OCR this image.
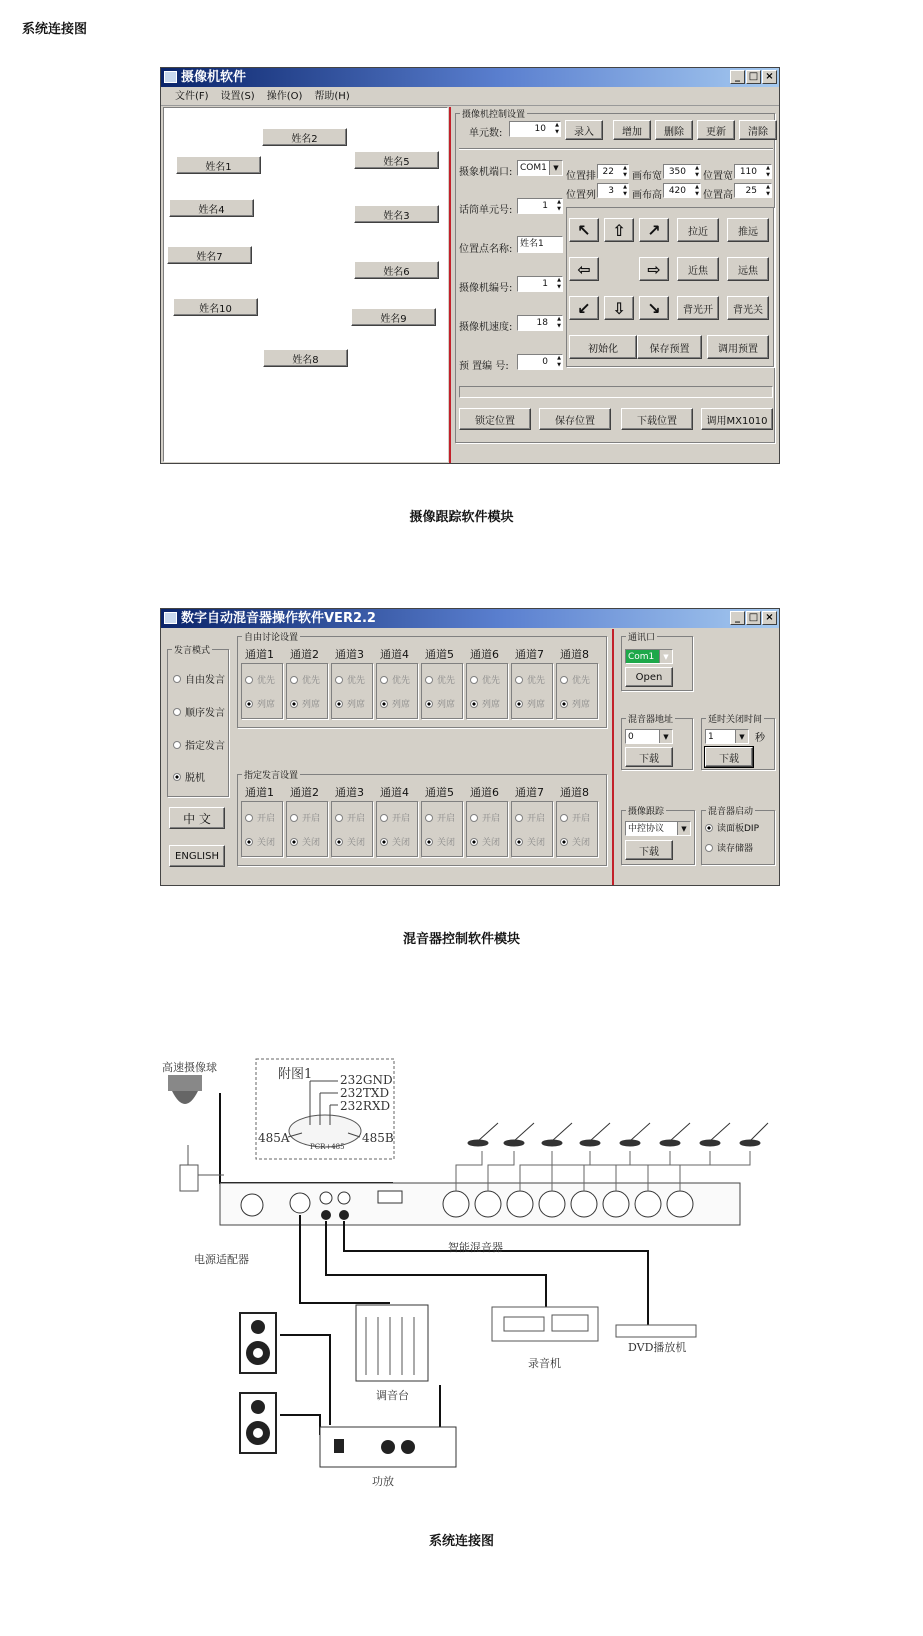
系统连接图
摄像机软件	_ □ ×
文件(F) 设置(S) 操作(O) 帮助(H)
姓名2
姓名1	姓名5
姓名4
姓名3
姓名7
姓名6
姓名10
姓名9
姓名8
摄像机控制设置
单元数:	10 ▲ ▼	录入	增加	删除	更新	清除
摄象机端口: COM1 ▼
话筒单元号:	1 ▲ ▼
位置点名称: 姓名1
摄像机编号:	1 ▲ ▼
摄像机速度:	18 ▲ ▼
预 置编 号:	0 ▲ ▼
位置排 22 ▲ ▼	画布宽 350 ▲ ▼	位置宽 110 ▲ ▼
位置列	3 ▲ ▼	画布高 420 ▲ ▼	位置高	25 ▲ ▼
↖	⇧	↗	拉近	推远
⇦	⇨	近焦	远焦
↙	⇩	↘	背光开	背光关
初始化	保存预置	调用预置
锁定位置	保存位置	下载位置	调用MX1010
摄像跟踪软件模块
数字自动混音器操作软件VER2.2	_ □ ×
发言模式
自由发言
顺序发言
指定发言
脱机
中 文
ENGLISH
自由讨论设置
指定发言设置
通讯口
Com1 ▼
Open
混音器地址
0 ▼
下载
延时关闭时间
1 ▼	秒
下载
摄像跟踪
中控协议 ▼
下载
混音器启动
读面板DIP
读存储器
通道1
优先
列席
通道2
优先
列席
通道3
优先
列席
通道4
优先
列席
通道5
优先
列席
通道6
优先
列席
通道7
优先
列席
通道8
优先
列席
通道1
开启
关闭
通道2
开启
关闭
通道3
开启
关闭
通道4
开启
关闭
通道5
开启
关闭
通道6
开启
关闭
通道7
开启
关闭
通道8
开启
关闭
混音器控制软件模块
高速摄像球	附图1 232GND
232TXD
232RXD
485A	485B
PCR+485
电源适配器
智能混音器
调音台
录音机
DVD播放机
功放
系统连接图
